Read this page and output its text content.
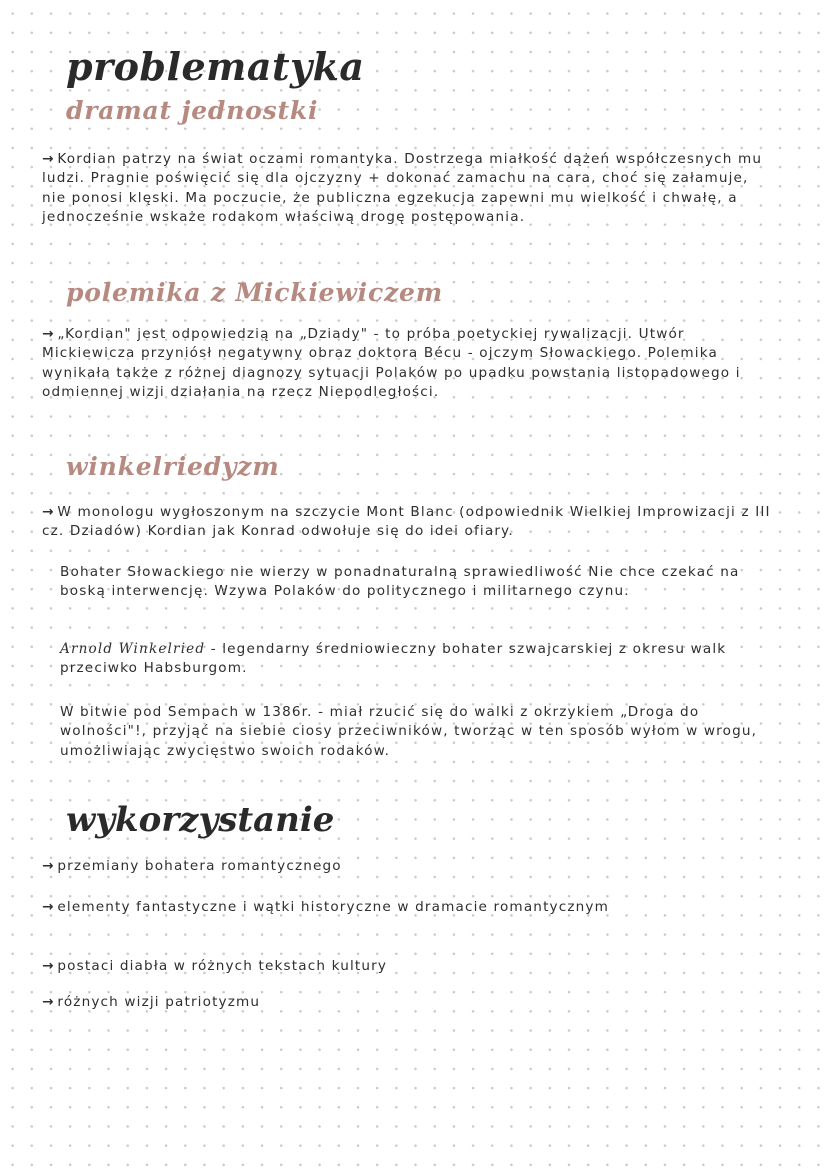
problematyka
dramat jednostki

→ Kordian patrzy na świat oczami romantyka. Dostrzega miałkość dążeń współczesnych mu ludzi. Pragnie poświęcić się dla ojczyzny + dokonać zamachu na cara, choć się załamuje, nie ponosi klęski. Ma poczucie, że publiczna egzekucja zapewni mu wielkość i chwałę, a jednocześnie wskaże rodakom właściwą drogę postępowania.

polemika z Mickiewiczem

→ „Kordian" jest odpowiedzią na „Dziady" - to próba poetyckiej rywalizacji. Utwór Mickiewicza przyniósł negatywny obraz doktora Bécu - ojczym Słowackiego. Polemika wynikała także z różnej diagnozy sytuacji Polaków po upadku powstania listopadowego i odmiennej wizji działania na rzecz Niepodległości.

winkelriedyzm

→ W monologu wygłoszonym na szczycie Mont Blanc (odpowiednik Wielkiej Improwizacji z III cz. Dziadów) Kordian jak Konrad odwołuje się do idei ofiary.

Bohater Słowackiego nie wierzy w ponadnaturalną sprawiedliwość Nie chce czekać na boską interwencję. Wzywa Polaków do politycznego i militarnego czynu.

Arnold Winkelried - legendarny średniowieczny bohater szwajcarskiej z okresu walk przeciwko Habsburgom.

W bitwie pod Sempach w 1386r. - miał rzucić się do walki z okrzykiem „Droga do wolności"!, przyjąć na siebie ciosy przeciwników, tworząc w ten sposób wyłom w wrogu, umożliwiając zwycięstwo swoich rodaków.

wykorzystanie

→ przemiany bohatera romantycznego

→ elementy fantastyczne i wątki historyczne w dramacie romantycznym

→ postaci diabła w różnych tekstach kultury

→ różnych wizji patriotyzmu
